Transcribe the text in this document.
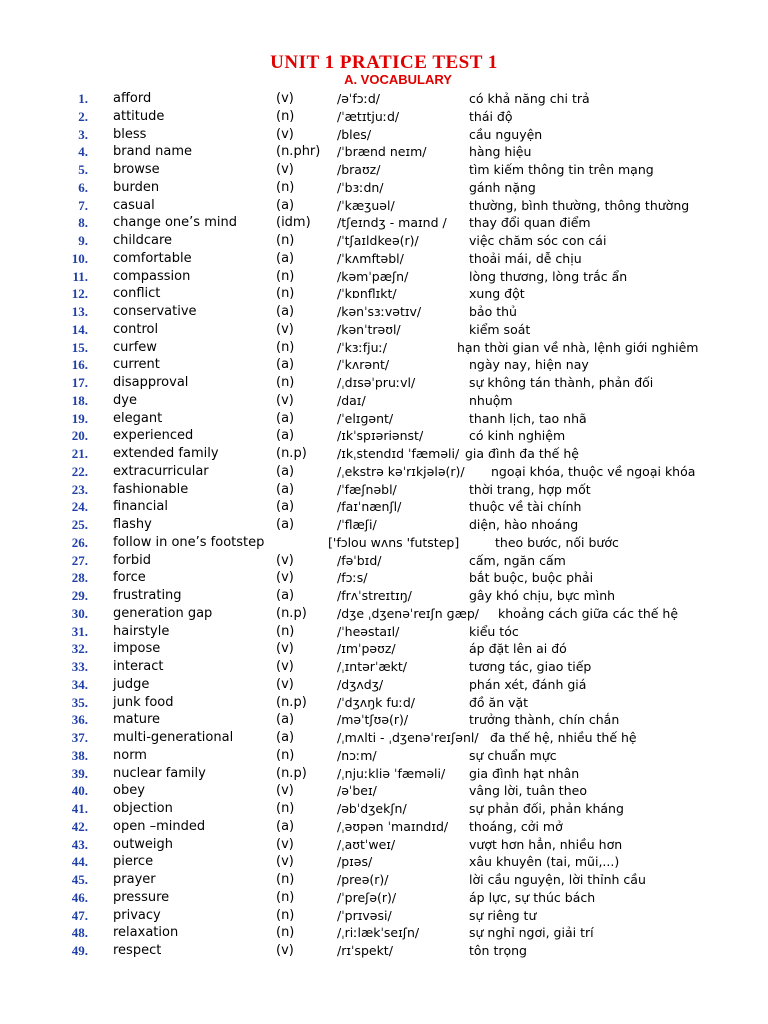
UNIT 1 PRATICE TEST 1
A. VOCABULARY
1. afford	(v)	/əˈfɔːd/	có khả năng chi trả
2. attitude	(n)	/ˈætɪtjuːd/	thái độ
3. bless	(v)	/bles/	cầu nguyện
4. brand name	(n.phr) /ˈbrænd neɪm/	hàng hiệu
5. browse	(v)	/braʊz/	tìm kiếm thông tin trên mạng
6. burden	(n)	/ˈbɜːdn/	gánh nặng
7. casual	(a)	/ˈkæʒuəl/	thường, bình thường, thông thường
8. change one’s mind	(idm) /tʃeɪndʒ - maɪnd / thay đổi quan điểm
9. childcare	(n)	/ˈtʃaɪldkeə(r)/	việc chăm sóc con cái
10. comfortable	(a)	/ˈkʌmftəbl/	thoải mái, dễ chịu
11. compassion	(n)	/kəmˈpæʃn/	lòng thương, lòng trắc ẩn
12. conflict	(n)	/ˈkɒnflɪkt/	xung đột
13. conservative	(a)	/kənˈsɜːvətɪv/	bảo thủ
14. control	(v)	/kənˈtrəʊl/	kiểm soát
15. curfew	(n)	/ˈkɜːfjuː/	hạn thời gian về nhà, lệnh giới nghiêm
16. current	(a)	/ˈkʌrənt/	ngày nay, hiện nay
17. disapproval	(n)	/ˌdɪsəˈpruːvl/	sự không tán thành, phản đối
18. dye	(v)	/daɪ/	nhuộm
19. elegant	(a)	/ˈelɪɡənt/	thanh lịch, tao nhã
20. experienced	(a)	/ɪkˈspɪəriənst/	có kinh nghiệm
21. extended family	(n.p) /ɪkˌstendɪd ˈfæməli/ gia đình đa thế hệ
22. extracurricular	(a)	/ˌekstrə kəˈrɪkjələ(r)/ ngoại khóa, thuộc về ngoại khóa
23. fashionable	(a)	/ˈfæʃnəbl/	thời trang, hợp mốt
24. financial	(a)	/faɪˈnænʃl/	thuộc về tài chính
25. flashy	(a)	/ˈflæʃi/	diện, hào nhoáng
26. follow in one’s footstep	['fɔlou wʌns 'futstep]	theo bước, nối bước
27. forbid	(v)	/fəˈbɪd/	cấm, ngăn cấm
28. force	(v)	/fɔːs/	bắt buộc, buộc phải
29. frustrating	(a)	/frʌˈstreɪtɪŋ/	gây khó chịu, bực mình
30. generation gap	(n.p) /dʒe ˌdʒenəˈreɪʃn ɡæp/ khoảng cách giữa các thế hệ
31. hairstyle	(n)	/ˈheəstaɪl/	kiểu tóc
32. impose	(v)	/ɪmˈpəʊz/	áp đặt lên ai đó
33. interact	(v)	/ˌɪntərˈækt/	tương tác, giao tiếp
34. judge	(v)	/dʒʌdʒ/	phán xét, đánh giá
35. junk food	(n.p) /ˈdʒʌŋk fuːd/	đồ ăn vặt
36. mature	(a)	/məˈtʃʊə(r)/	trưởng thành, chín chắn
37. multi-generational	(a)	/ˌmʌlti - ˌdʒenəˈreɪʃənl/ đa thế hệ, nhiều thế hệ
38. norm	(n)	/nɔːm/	sự chuẩn mực
39. nuclear family	(n.p) /ˌnjuːkliə ˈfæməli/ gia đình hạt nhân
40. obey	(v)	/əˈbeɪ/	vâng lời, tuân theo
41. objection	(n)	/əbˈdʒekʃn/	sự phản đối, phản kháng
42. open –minded	(a)	/ˌəʊpən ˈmaɪndɪd/ thoáng, cởi mở
43. outweigh	(v)	/ˌaʊtˈweɪ/	vượt hơn hẳn, nhiều hơn
44. pierce	(v)	/pɪəs/	xâu khuyên (tai, mũi,...)
45. prayer	(n)	/preə(r)/	lời cầu nguyện, lời thỉnh cầu
46. pressure	(n)	/ˈpreʃə(r)/	áp lực, sự thúc bách
47. privacy	(n)	/ˈprɪvəsi/	sự riêng tư
48. relaxation	(n)	/ˌriːlækˈseɪʃn/	sự nghỉ ngơi, giải trí
49. respect	(v)	/rɪˈspekt/	tôn trọng
